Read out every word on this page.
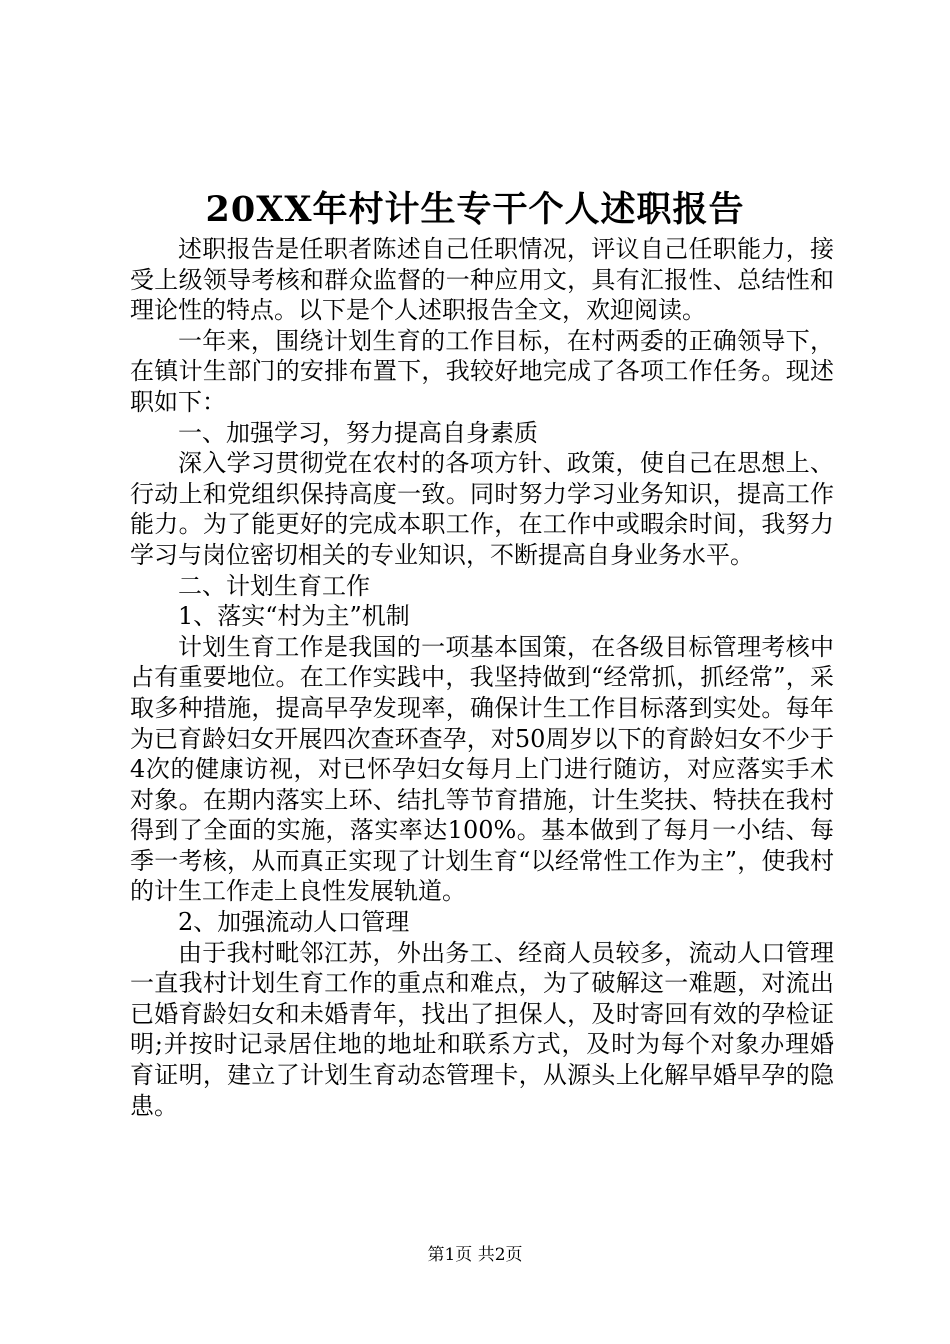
20XX年村计生专干个人述职报告

述职报告是任职者陈述自己任职情况，评议自己任职能力，接受上级领导考核和群众监督的一种应用文，具有汇报性、总结性和理论性的特点。以下是个人述职报告全文，欢迎阅读。

一年来，围绕计划生育的工作目标，在村两委的正确领导下，在镇计生部门的安排布置下，我较好地完成了各项工作任务。现述职如下：

一、加强学习，努力提高自身素质

深入学习贯彻党在农村的各项方针、政策，使自己在思想上、行动上和党组织保持高度一致。同时努力学习业务知识，提高工作能力。为了能更好的完成本职工作，在工作中或暇余时间，我努力学习与岗位密切相关的专业知识，不断提高自身业务水平。

二、计划生育工作

1、落实“村为主”机制

计划生育工作是我国的一项基本国策，在各级目标管理考核中占有重要地位。在工作实践中，我坚持做到“经常抓，抓经常”，采取多种措施，提高早孕发现率，确保计生工作目标落到实处。每年为已育龄妇女开展四次查环查孕，对50周岁以下的育龄妇女不少于4次的健康访视，对已怀孕妇女每月上门进行随访，对应落实手术对象。在期内落实上环、结扎等节育措施，计生奖扶、特扶在我村得到了全面的实施，落实率达100%。基本做到了每月一小结、每季一考核，从而真正实现了计划生育“以经常性工作为主”，使我村的计生工作走上良性发展轨道。

2、加强流动人口管理

由于我村毗邻江苏，外出务工、经商人员较多，流动人口管理一直我村计划生育工作的重点和难点，为了破解这一难题，对流出已婚育龄妇女和未婚青年，找出了担保人，及时寄回有效的孕检证明;并按时记录居住地的地址和联系方式，及时为每个对象办理婚育证明，建立了计划生育动态管理卡，从源头上化解早婚早孕的隐患。

第1页 共2页
